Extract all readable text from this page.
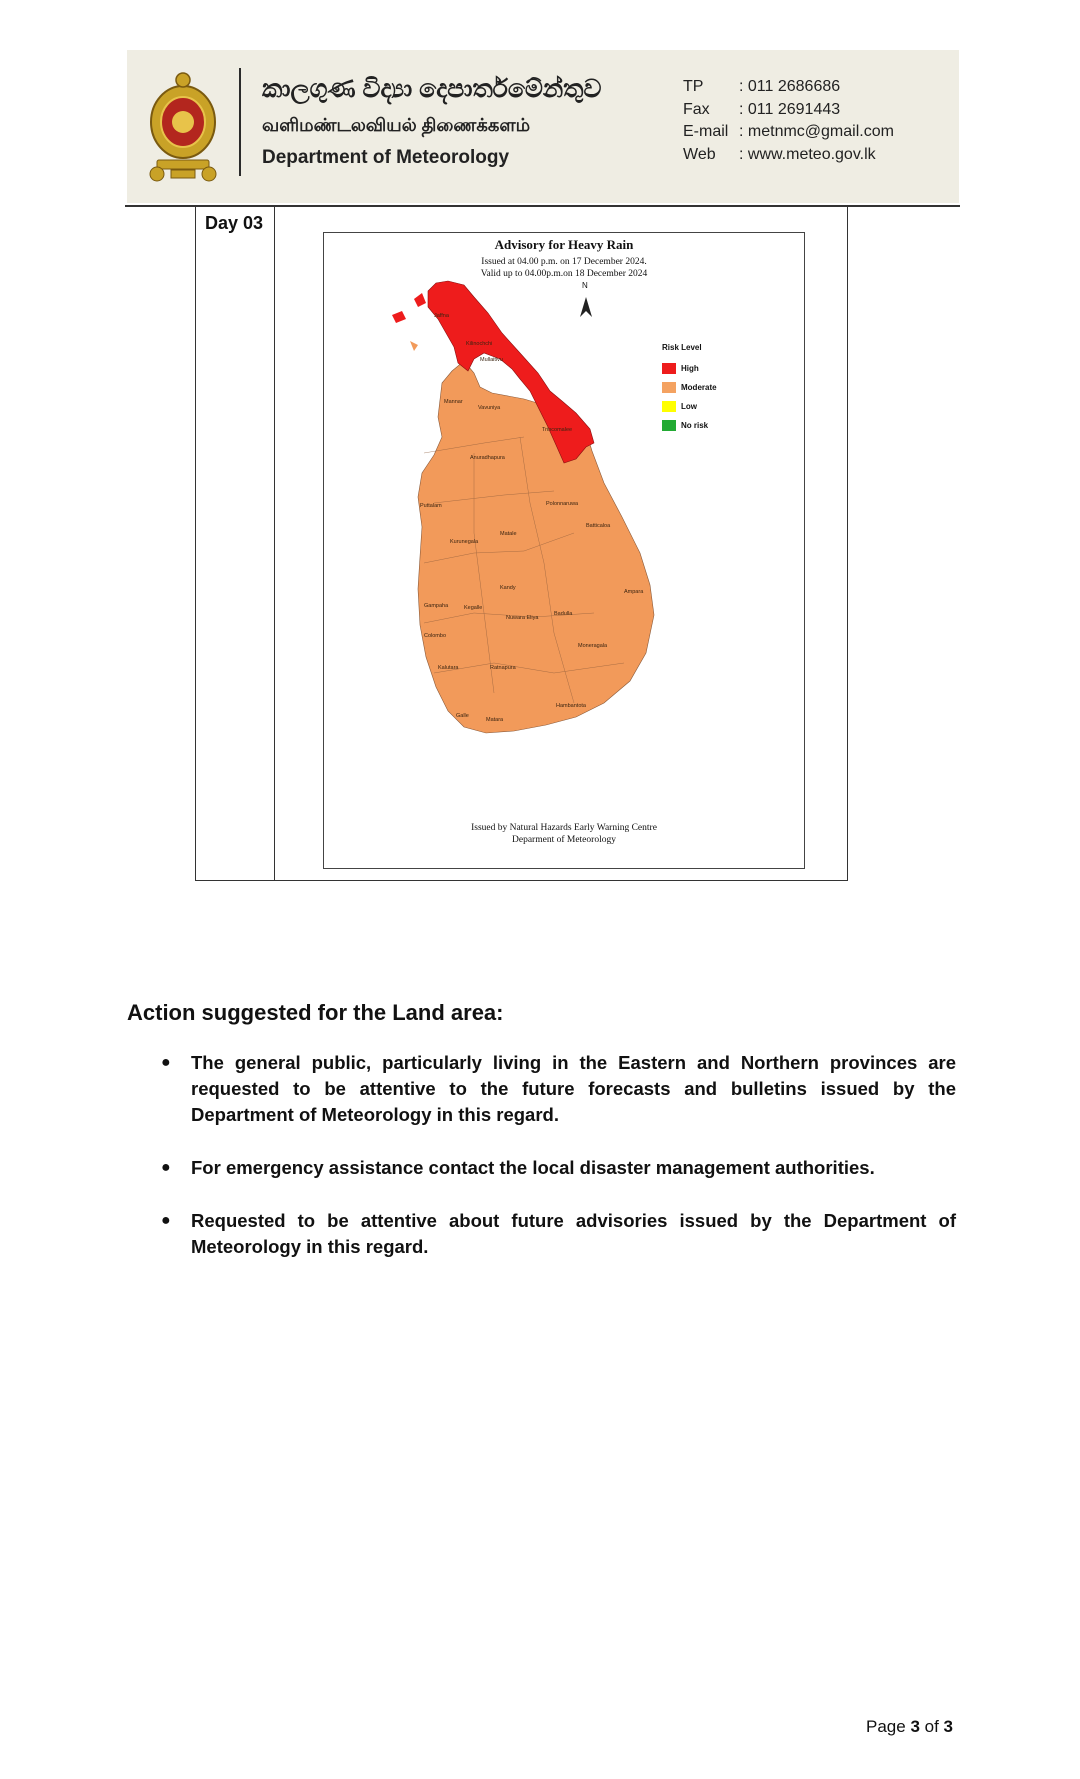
කාලගුණ විද්‍යා දෙපාර්තමේන්තුව
வளிமண்டலவியல் திணைக்களம்
Department of Meteorology
TP : 011 2686686
Fax : 011 2691443
E-mail : metnmc@gmail.com
Web : www.meteo.gov.lk
Day 03
Advisory for Heavy Rain
Issued at 04.00 p.m. on 17 December 2024.
Valid up to 04.00p.m.on 18 December 2024
N
Jaffna
Kilinochchi
Mullaitivu
Mannar
Vavuniya
Trincomalee
Anuradhapura
Puttalam	Polonnaruwa
Batticaloa
Kurunegala
Matale
Kandy
Ampara
Gampaha	Kegalle
Nuwara Eliya
Badulla
Colombo
Moneragala
Kalutara	Ratnapura
Hambantota
Galle
Matara
Risk Level
High
Moderate
Low
No risk
Issued by Natural Hazards Early Warning Centre
Deparment of Meteorology
Action suggested for the Land area:
● The general public, particularly living in the Eastern and Northern provinces are requested to be attentive to the future forecasts and bulletins issued by the Department of Meteorology in this regard.
● For emergency assistance contact the local disaster management authorities.
● Requested to be attentive about future advisories issued by the Department of Meteorology in this regard.
Page 3 of 3
